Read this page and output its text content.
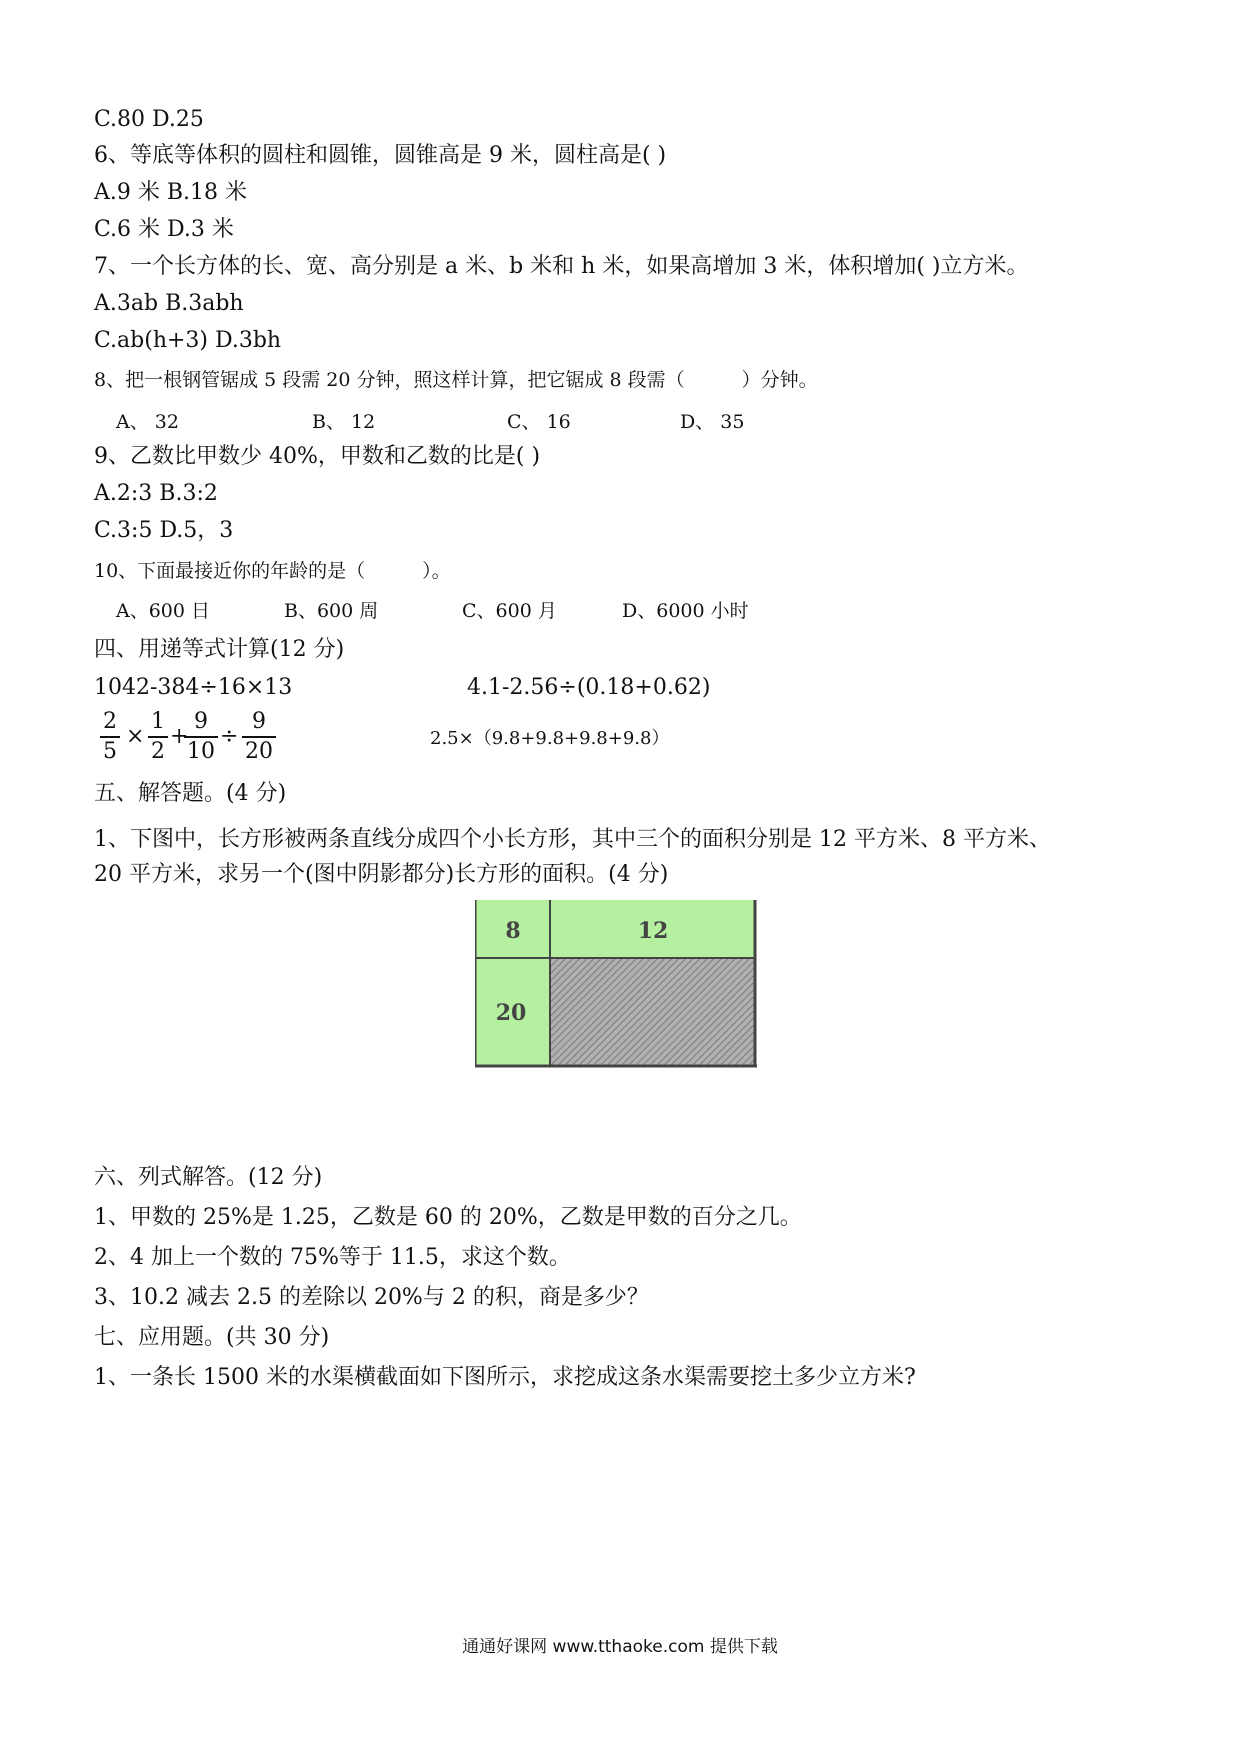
C.80 D.25
6、等底等体积的圆柱和圆锥，圆锥高是 9 米，圆柱高是( )
A.9 米 B.18 米
C.6 米 D.3 米
7、一个长方体的长、宽、高分别是 a 米、b 米和 h 米，如果高增加 3 米，体积增加( )立方米。
A.3ab B.3abh
C.ab(h+3) D.3bh
8、把一根钢管锯成 5 段需 20 分钟，照这样计算，把它锯成 8 段需（　　　）分钟。
A、 32	B、 12	C、 16	D、 35
9、乙数比甲数少 40%，甲数和乙数的比是( )
A.2:3 B.3:2
C.3:5 D.5，3
10、下面最接近你的年龄的是（　　　）。
A、600 日	B、600 周	C、600 月	D、6000 小时
四、用递等式计算(12 分)
1042-384÷16×13	4.1-2.56÷(0.18+0.62)
$\frac{2}{5} \times \frac{1}{2}$ +
$\frac{9}{10} \div \frac{9}{20}$	2.5×（9.8+9.8+9.8+9.8）
五、解答题。(4 分)
1、下图中，长方形被两条直线分成四个小长方形，其中三个的面积分别是 12 平方米、8 平方米、
20 平方米，求另一个(图中阴影都分)长方形的面积。(4 分)
8	12
20
六、列式解答。(12 分)
1、甲数的 25%是 1.25，乙数是 60 的 20%，乙数是甲数的百分之几。
2、4 加上一个数的 75%等于 11.5，求这个数。
3、10.2 减去 2.5 的差除以 20%与 2 的积，商是多少？
七、应用题。(共 30 分)
1、一条长 1500 米的水渠横截面如下图所示，求挖成这条水渠需要挖土多少立方米?
通通好课网 www.tthaoke.com 提供下载
